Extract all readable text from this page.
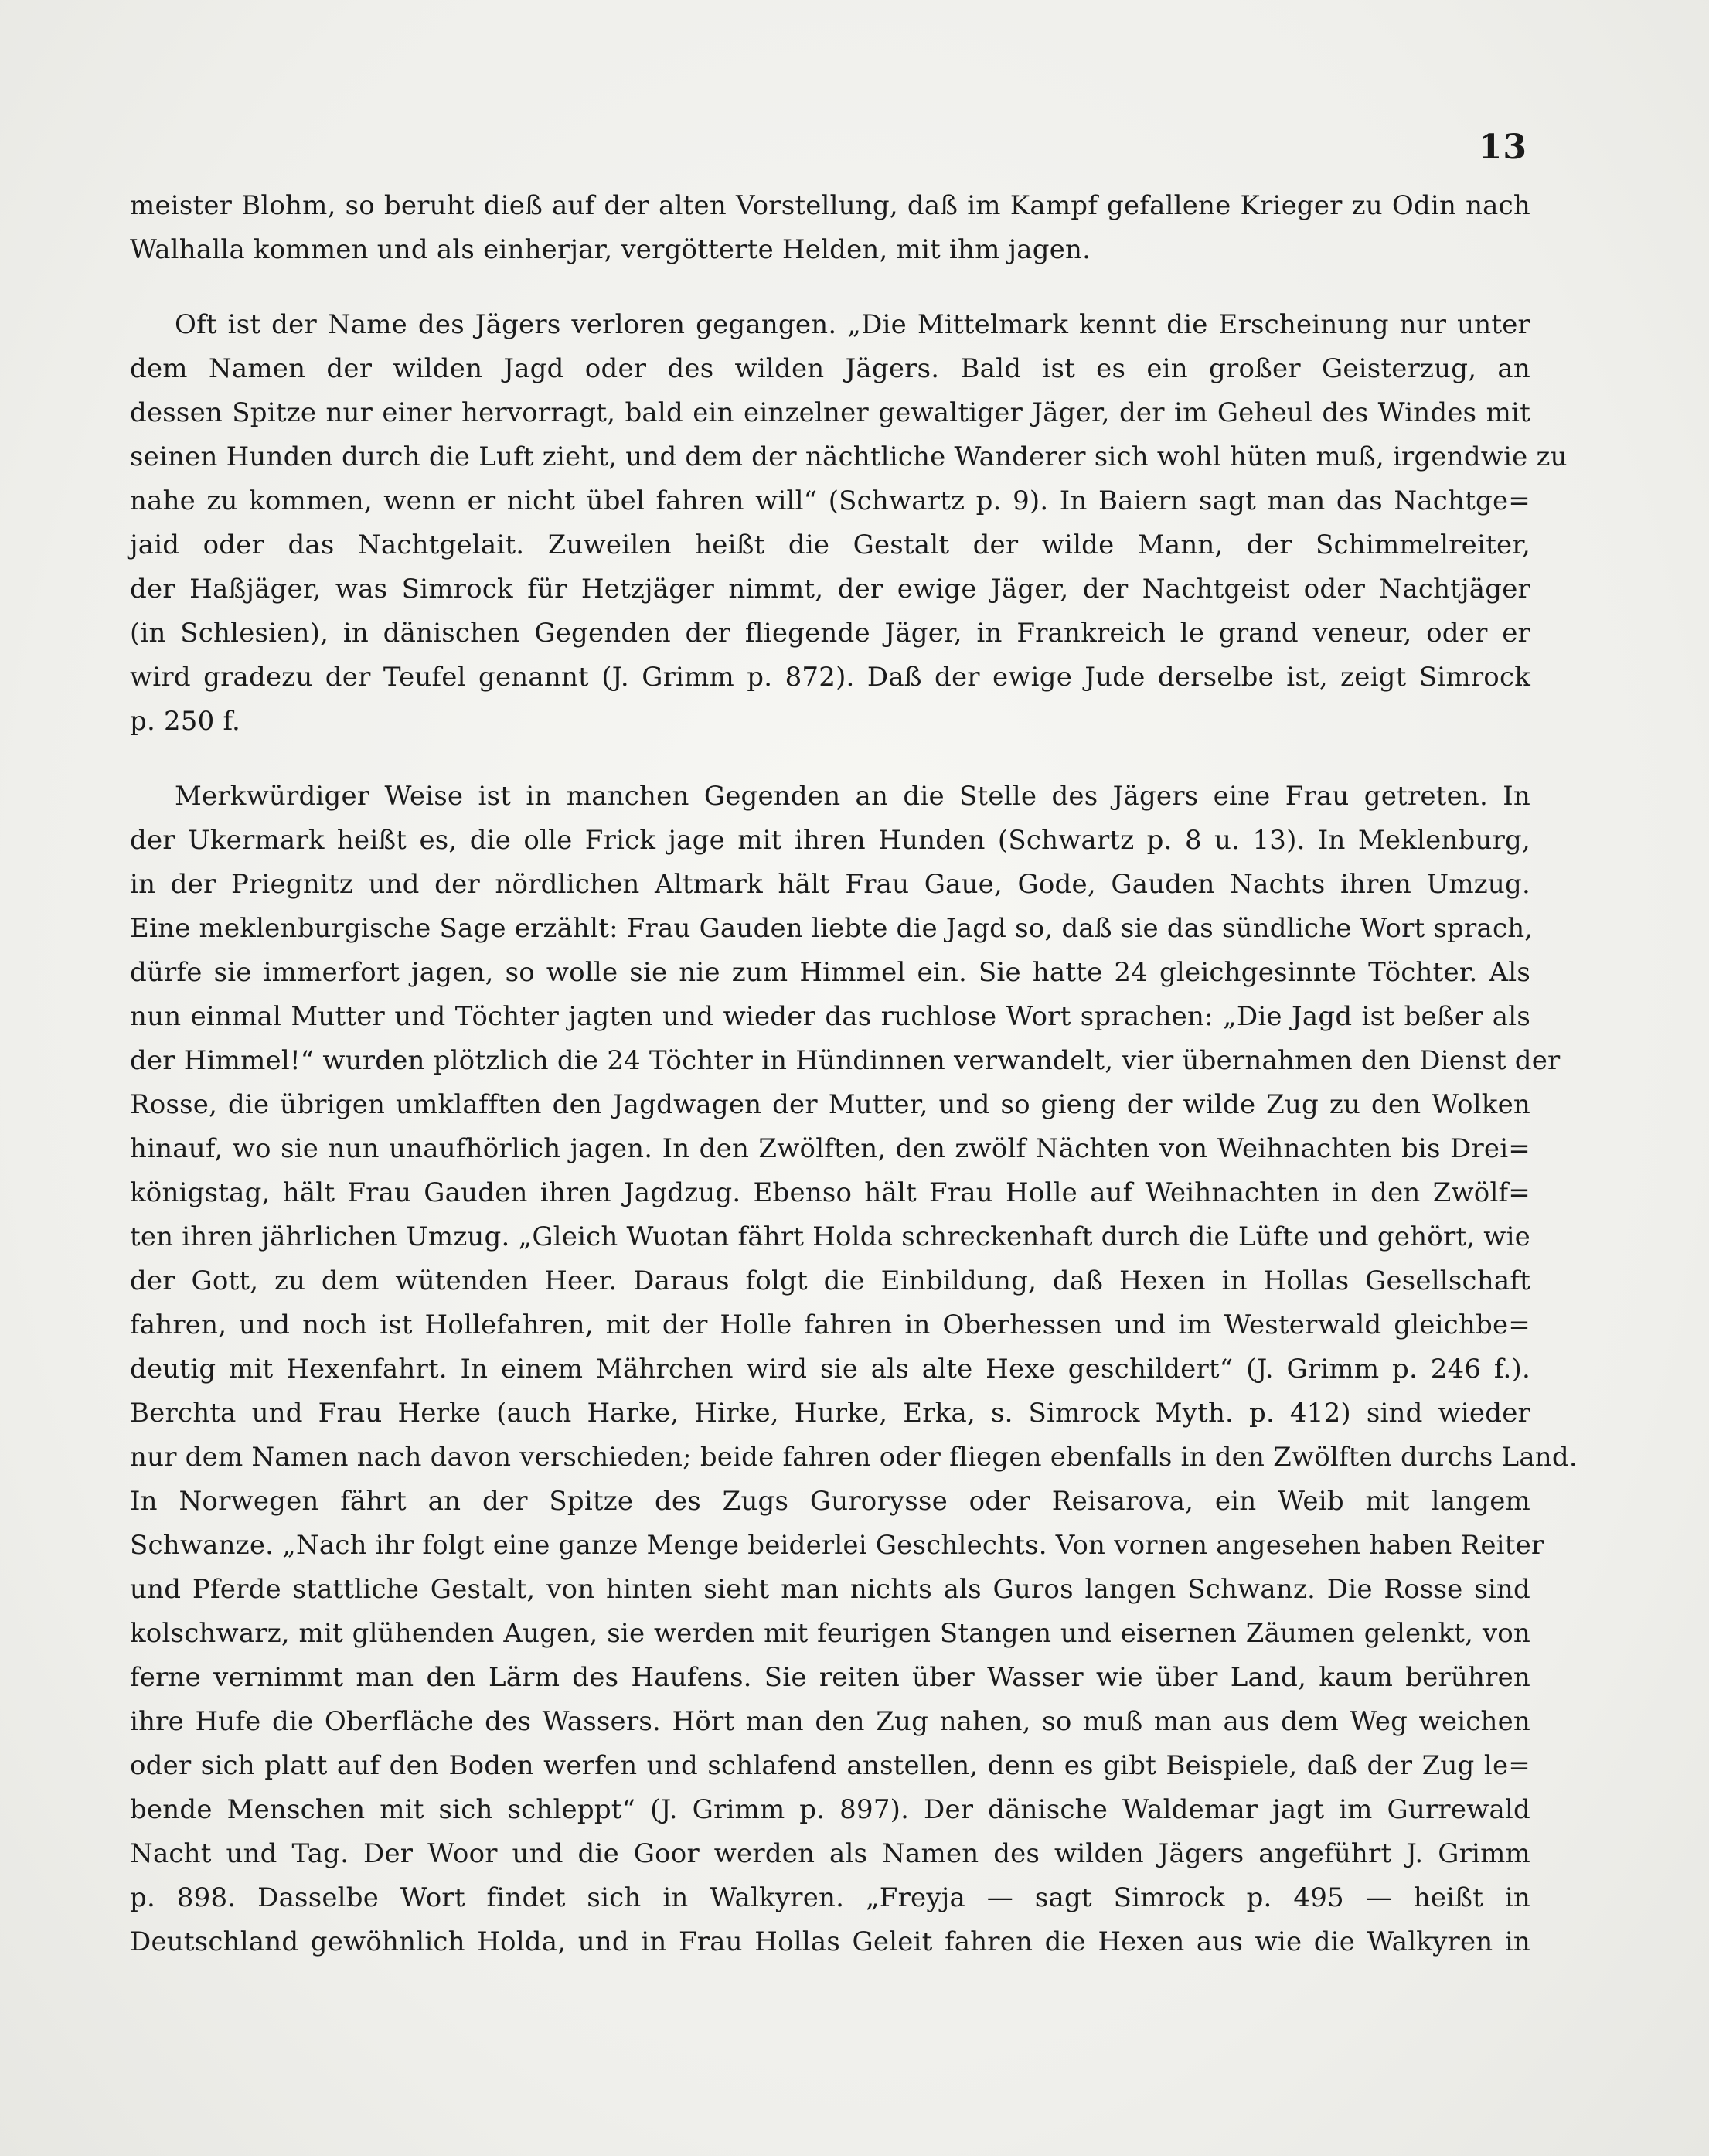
13

meister Blohm, so beruht dieß auf der alten Vorstellung, daß im Kampf gefallene Krieger zu Odin nach
Walhalla kommen und als einherjar, vergötterte Helden, mit ihm jagen.

Oft ist der Name des Jägers verloren gegangen. „Die Mittelmark kennt die Erscheinung nur unter
dem Namen der wilden Jagd oder des wilden Jägers. Bald ist es ein großer Geisterzug, an
dessen Spitze nur einer hervorragt, bald ein einzelner gewaltiger Jäger, der im Geheul des Windes mit
seinen Hunden durch die Luft zieht, und dem der nächtliche Wanderer sich wohl hüten muß, irgendwie zu
nahe zu kommen, wenn er nicht übel fahren will“ (Schwartz p. 9). In Baiern sagt man das Nachtge=
jaid oder das Nachtgelait. Zuweilen heißt die Gestalt der wilde Mann, der Schimmelreiter,
der Haßjäger, was Simrock für Hetzjäger nimmt, der ewige Jäger, der Nachtgeist oder Nachtjäger
(in Schlesien), in dänischen Gegenden der fliegende Jäger, in Frankreich le grand veneur, oder er
wird gradezu der Teufel genannt (J. Grimm p. 872). Daß der ewige Jude derselbe ist, zeigt Simrock
p. 250 f.

Merkwürdiger Weise ist in manchen Gegenden an die Stelle des Jägers eine Frau getreten. In
der Ukermark heißt es, die olle Frick jage mit ihren Hunden (Schwartz p. 8 u. 13). In Meklenburg,
in der Priegnitz und der nördlichen Altmark hält Frau Gaue, Gode, Gauden Nachts ihren Umzug.
Eine meklenburgische Sage erzählt: Frau Gauden liebte die Jagd so, daß sie das sündliche Wort sprach,
dürfe sie immerfort jagen, so wolle sie nie zum Himmel ein. Sie hatte 24 gleichgesinnte Töchter. Als
nun einmal Mutter und Töchter jagten und wieder das ruchlose Wort sprachen: „Die Jagd ist beßer als
der Himmel!“ wurden plötzlich die 24 Töchter in Hündinnen verwandelt, vier übernahmen den Dienst der
Rosse, die übrigen umklafften den Jagdwagen der Mutter, und so gieng der wilde Zug zu den Wolken
hinauf, wo sie nun unaufhörlich jagen. In den Zwölften, den zwölf Nächten von Weihnachten bis Drei=
königstag, hält Frau Gauden ihren Jagdzug. Ebenso hält Frau Holle auf Weihnachten in den Zwölf=
ten ihren jährlichen Umzug. „Gleich Wuotan fährt Holda schreckenhaft durch die Lüfte und gehört, wie
der Gott, zu dem wütenden Heer. Daraus folgt die Einbildung, daß Hexen in Hollas Gesellschaft
fahren, und noch ist Hollefahren, mit der Holle fahren in Oberhessen und im Westerwald gleichbe=
deutig mit Hexenfahrt. In einem Mährchen wird sie als alte Hexe geschildert“ (J. Grimm p. 246 f.).
Berchta und Frau Herke (auch Harke, Hirke, Hurke, Erka, s. Simrock Myth. p. 412) sind wieder
nur dem Namen nach davon verschieden; beide fahren oder fliegen ebenfalls in den Zwölften durchs Land.
In Norwegen fährt an der Spitze des Zugs Gurorysse oder Reisarova, ein Weib mit langem
Schwanze. „Nach ihr folgt eine ganze Menge beiderlei Geschlechts. Von vornen angesehen haben Reiter
und Pferde stattliche Gestalt, von hinten sieht man nichts als Guros langen Schwanz. Die Rosse sind
kolschwarz, mit glühenden Augen, sie werden mit feurigen Stangen und eisernen Zäumen gelenkt, von
ferne vernimmt man den Lärm des Haufens. Sie reiten über Wasser wie über Land, kaum berühren
ihre Hufe die Oberfläche des Wassers. Hört man den Zug nahen, so muß man aus dem Weg weichen
oder sich platt auf den Boden werfen und schlafend anstellen, denn es gibt Beispiele, daß der Zug le=
bende Menschen mit sich schleppt“ (J. Grimm p. 897). Der dänische Waldemar jagt im Gurrewald
Nacht und Tag. Der Woor und die Goor werden als Namen des wilden Jägers angeführt J. Grimm
p. 898. Dasselbe Wort findet sich in Walkyren. „Freyja — sagt Simrock p. 495 — heißt in
Deutschland gewöhnlich Holda, und in Frau Hollas Geleit fahren die Hexen aus wie die Walkyren in
